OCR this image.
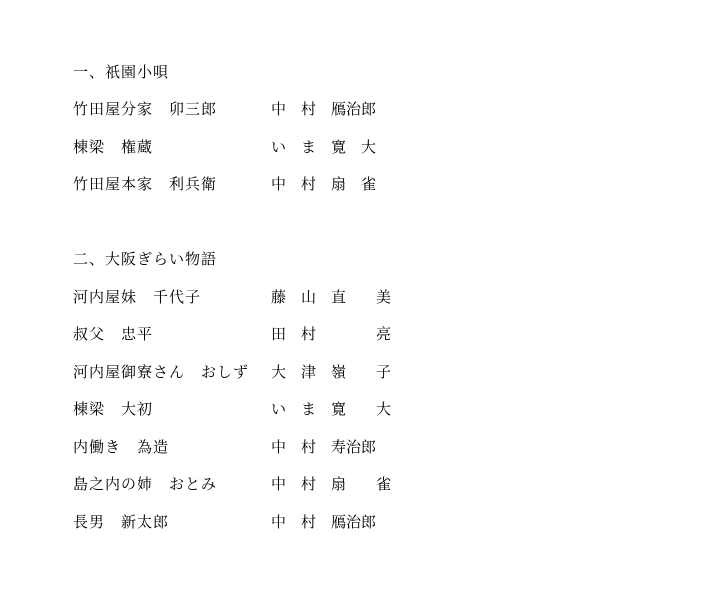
一、祇園小唄
竹田屋分家　卯三郎	中　村　鴈治郎
棟梁　権蔵	い　ま　寛　大
竹田屋本家　利兵衛	中　村　扇　雀
二、大阪ぎらい物語
河内屋妹　千代子	藤　山　直　　美
叔父　忠平	田　村　　　　亮
河内屋御寮さん　おしず 大　津　嶺　　子
棟梁　大初	い　ま　寛　　大
内働き　為造	中　村　寿治郎
島之内の姉　おとみ	中　村　扇　　雀
長男　新太郎	中　村　鴈治郎
